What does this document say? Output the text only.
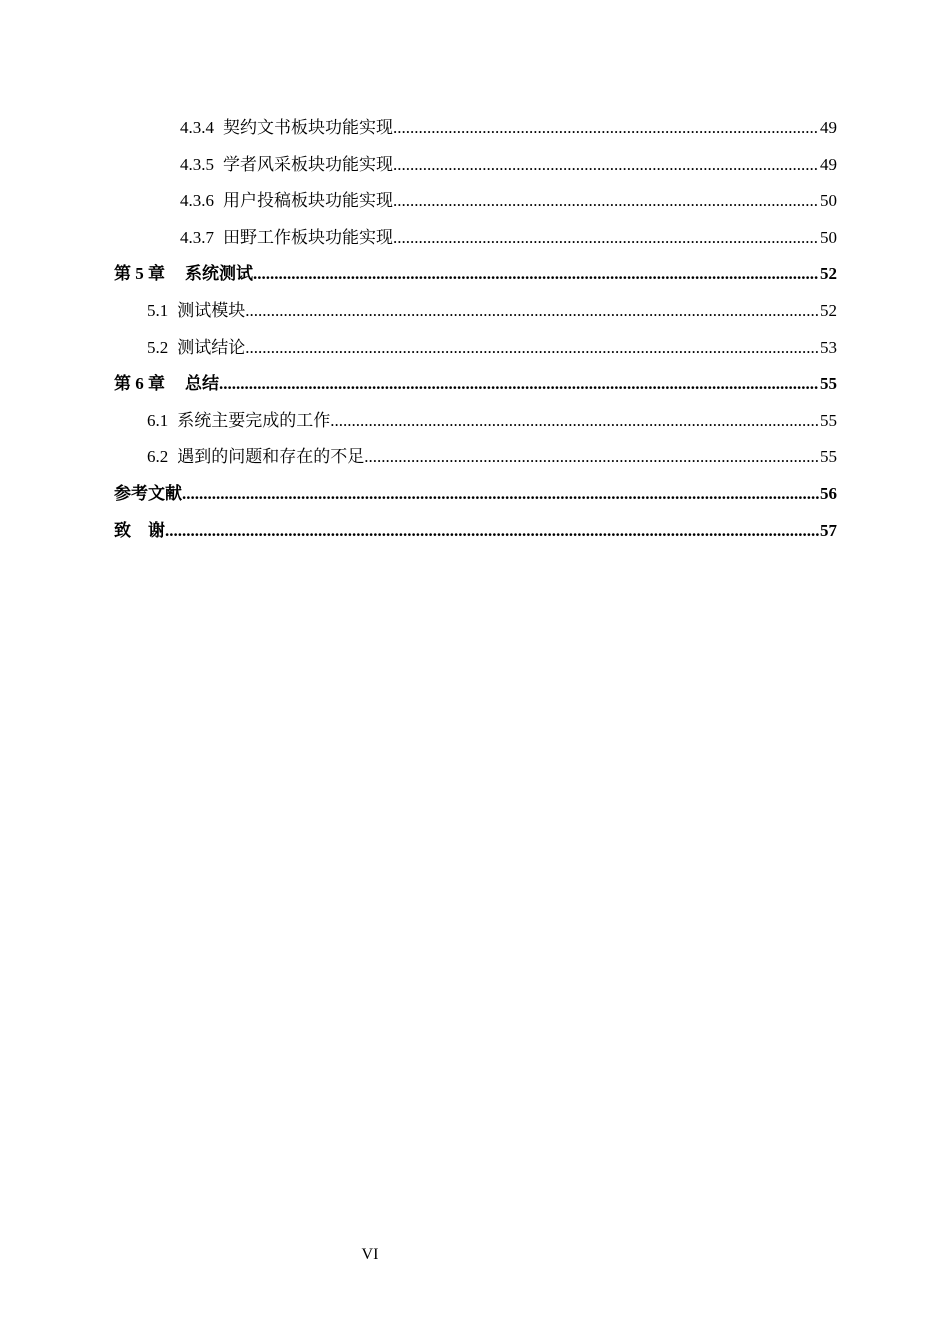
4.3.4 契约文书板块功能实现 .....	49
4.3.5 学者风采板块功能实现 .....	49
4.3.6 用户投稿板块功能实现 .....	50
4.3.7 田野工作板块功能实现 .....	50
第 5 章	系统测试 .....	52
5.1 测试模块 .....	52
5.2 测试结论 .....	53
第 6 章	总结 .....	55
6.1 系统主要完成的工作 .....	55
6.2 遇到的问题和存在的不足 .....	55
参考文献 .....	56
致　谢 .....	57
VI
